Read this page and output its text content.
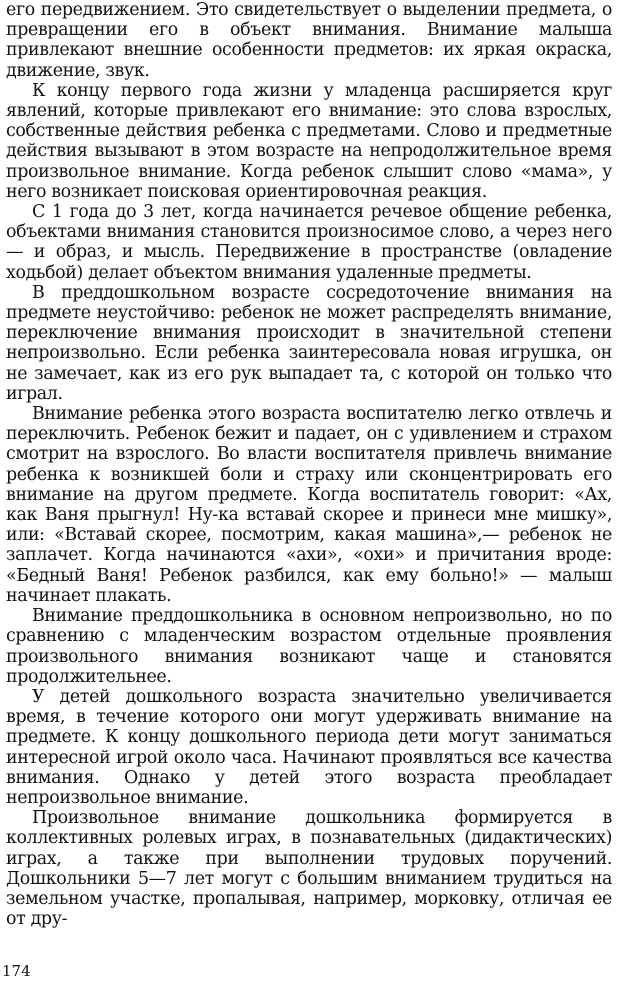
его передвижением. Это свидетельствует о выделении предмета, о превращении его в объект внимания. Внимание малыша привлекают внешние особенности предметов: их яркая окраска, движение, звук.

К концу первого года жизни у младенца расширяется круг явлений, которые привлекают его внимание: это слова взрослых, собственные действия ребенка с предметами. Слово и предметные действия вызывают в этом возрасте на непродолжительное время произвольное внимание. Когда ребенок слышит слово «мама», у него возникает поисковая ориентировочная реакция.

С 1 года до 3 лет, когда начинается речевое общение ребенка, объектами внимания становится произносимое слово, а через него — и образ, и мысль. Передвижение в пространстве (овладение ходьбой) делает объектом внимания удаленные предметы.

В преддошкольном возрасте сосредоточение внимания на предмете неустойчиво: ребенок не может распределять внимание, переключение внимания происходит в значительной степени непроизвольно. Если ребенка заинтересовала новая игрушка, он не замечает, как из его рук выпадает та, с которой он только что играл.

Внимание ребенка этого возраста воспитателю легко отвлечь и переключить. Ребенок бежит и падает, он с удивлением и страхом смотрит на взрослого. Во власти воспитателя привлечь внимание ребенка к возникшей боли и страху или сконцентрировать его внимание на другом предмете. Когда воспитатель говорит: «Ах, как Ваня прыгнул! Ну-ка вставай скорее и принеси мне мишку», или: «Вставай скорее, посмотрим, какая машина»,— ребенок не заплачет. Когда начинаются «ахи», «охи» и причитания вроде: «Бедный Ваня! Ребенок разбился, как ему больно!» — малыш начинает плакать.

Внимание преддошкольника в основном непроизвольно, но по сравнению с младенческим возрастом отдельные проявления произвольного внимания возникают чаще и становятся продолжительнее.

У детей дошкольного возраста значительно увеличивается время, в течение которого они могут удерживать внимание на предмете. К концу дошкольного периода дети могут заниматься интересной игрой около часа. Начинают проявляться все качества внимания. Однако у детей этого возраста преобладает непроизвольное внимание.

Произвольное внимание дошкольника формируется в коллективных ролевых играх, в познавательных (дидактических) играх, а также при выполнении трудовых поручений. Дошкольники 5—7 лет могут с большим вниманием трудиться на земельном участке, пропалывая, например, морковку, отличая ее от дру-

174
